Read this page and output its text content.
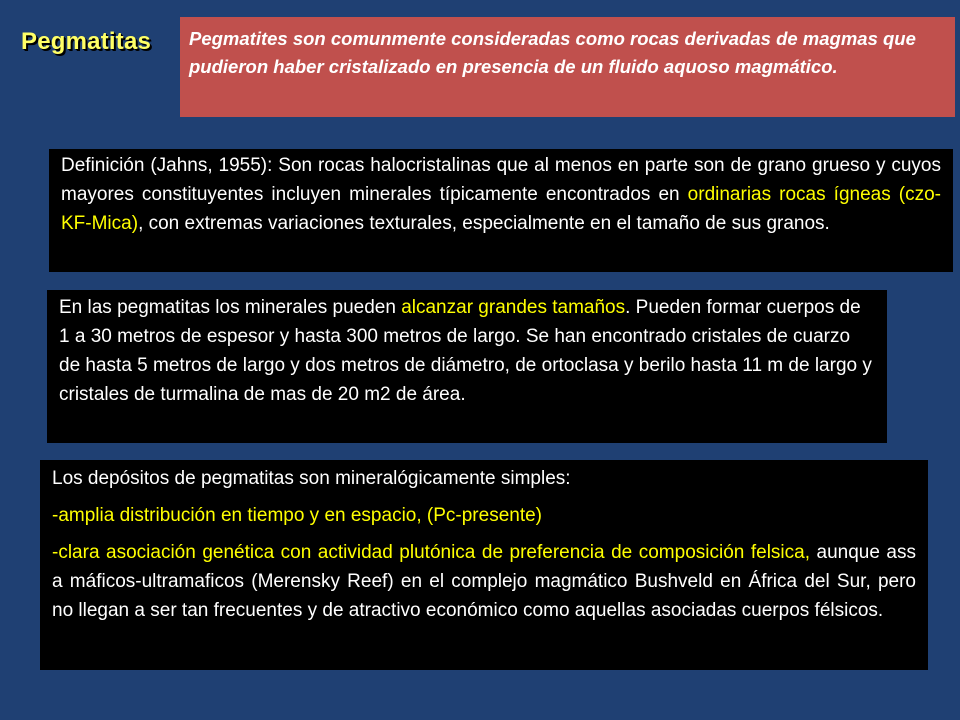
Pegmatitas	Pegmatites son comunmente consideradas como rocas derivadas de magmas que pudieron haber cristalizado en presencia de un fluido aquoso magmático.
Definición (Jahns, 1955): Son rocas halocristalinas que al menos en parte son de grano grueso y cuyos mayores constituyentes incluyen minerales típicamente encontrados en ordinarias rocas ígneas (czo-KF-Mica), con extremas variaciones texturales, especialmente en el tamaño de sus granos.
En las pegmatitas los minerales pueden alcanzar grandes tamaños. Pueden formar cuerpos de 1 a 30 metros de espesor y hasta 300 metros de largo. Se han encontrado cristales de cuarzo de hasta 5 metros de largo y dos metros de diámetro, de ortoclasa y berilo hasta 11 m de largo y cristales de turmalina de mas de 20 m2 de área.

Los depósitos de pegmatitas son mineralógicamente simples:

-amplia distribución en tiempo y en espacio, (Pc-presente)

-clara asociación genética con actividad plutónica de preferencia de composición felsica, aunque ass a máficos-ultramaficos (Merensky Reef) en el complejo magmático Bushveld en África del Sur, pero no llegan a ser tan frecuentes y de atractivo económico como aquellas asociadas cuerpos félsicos.
